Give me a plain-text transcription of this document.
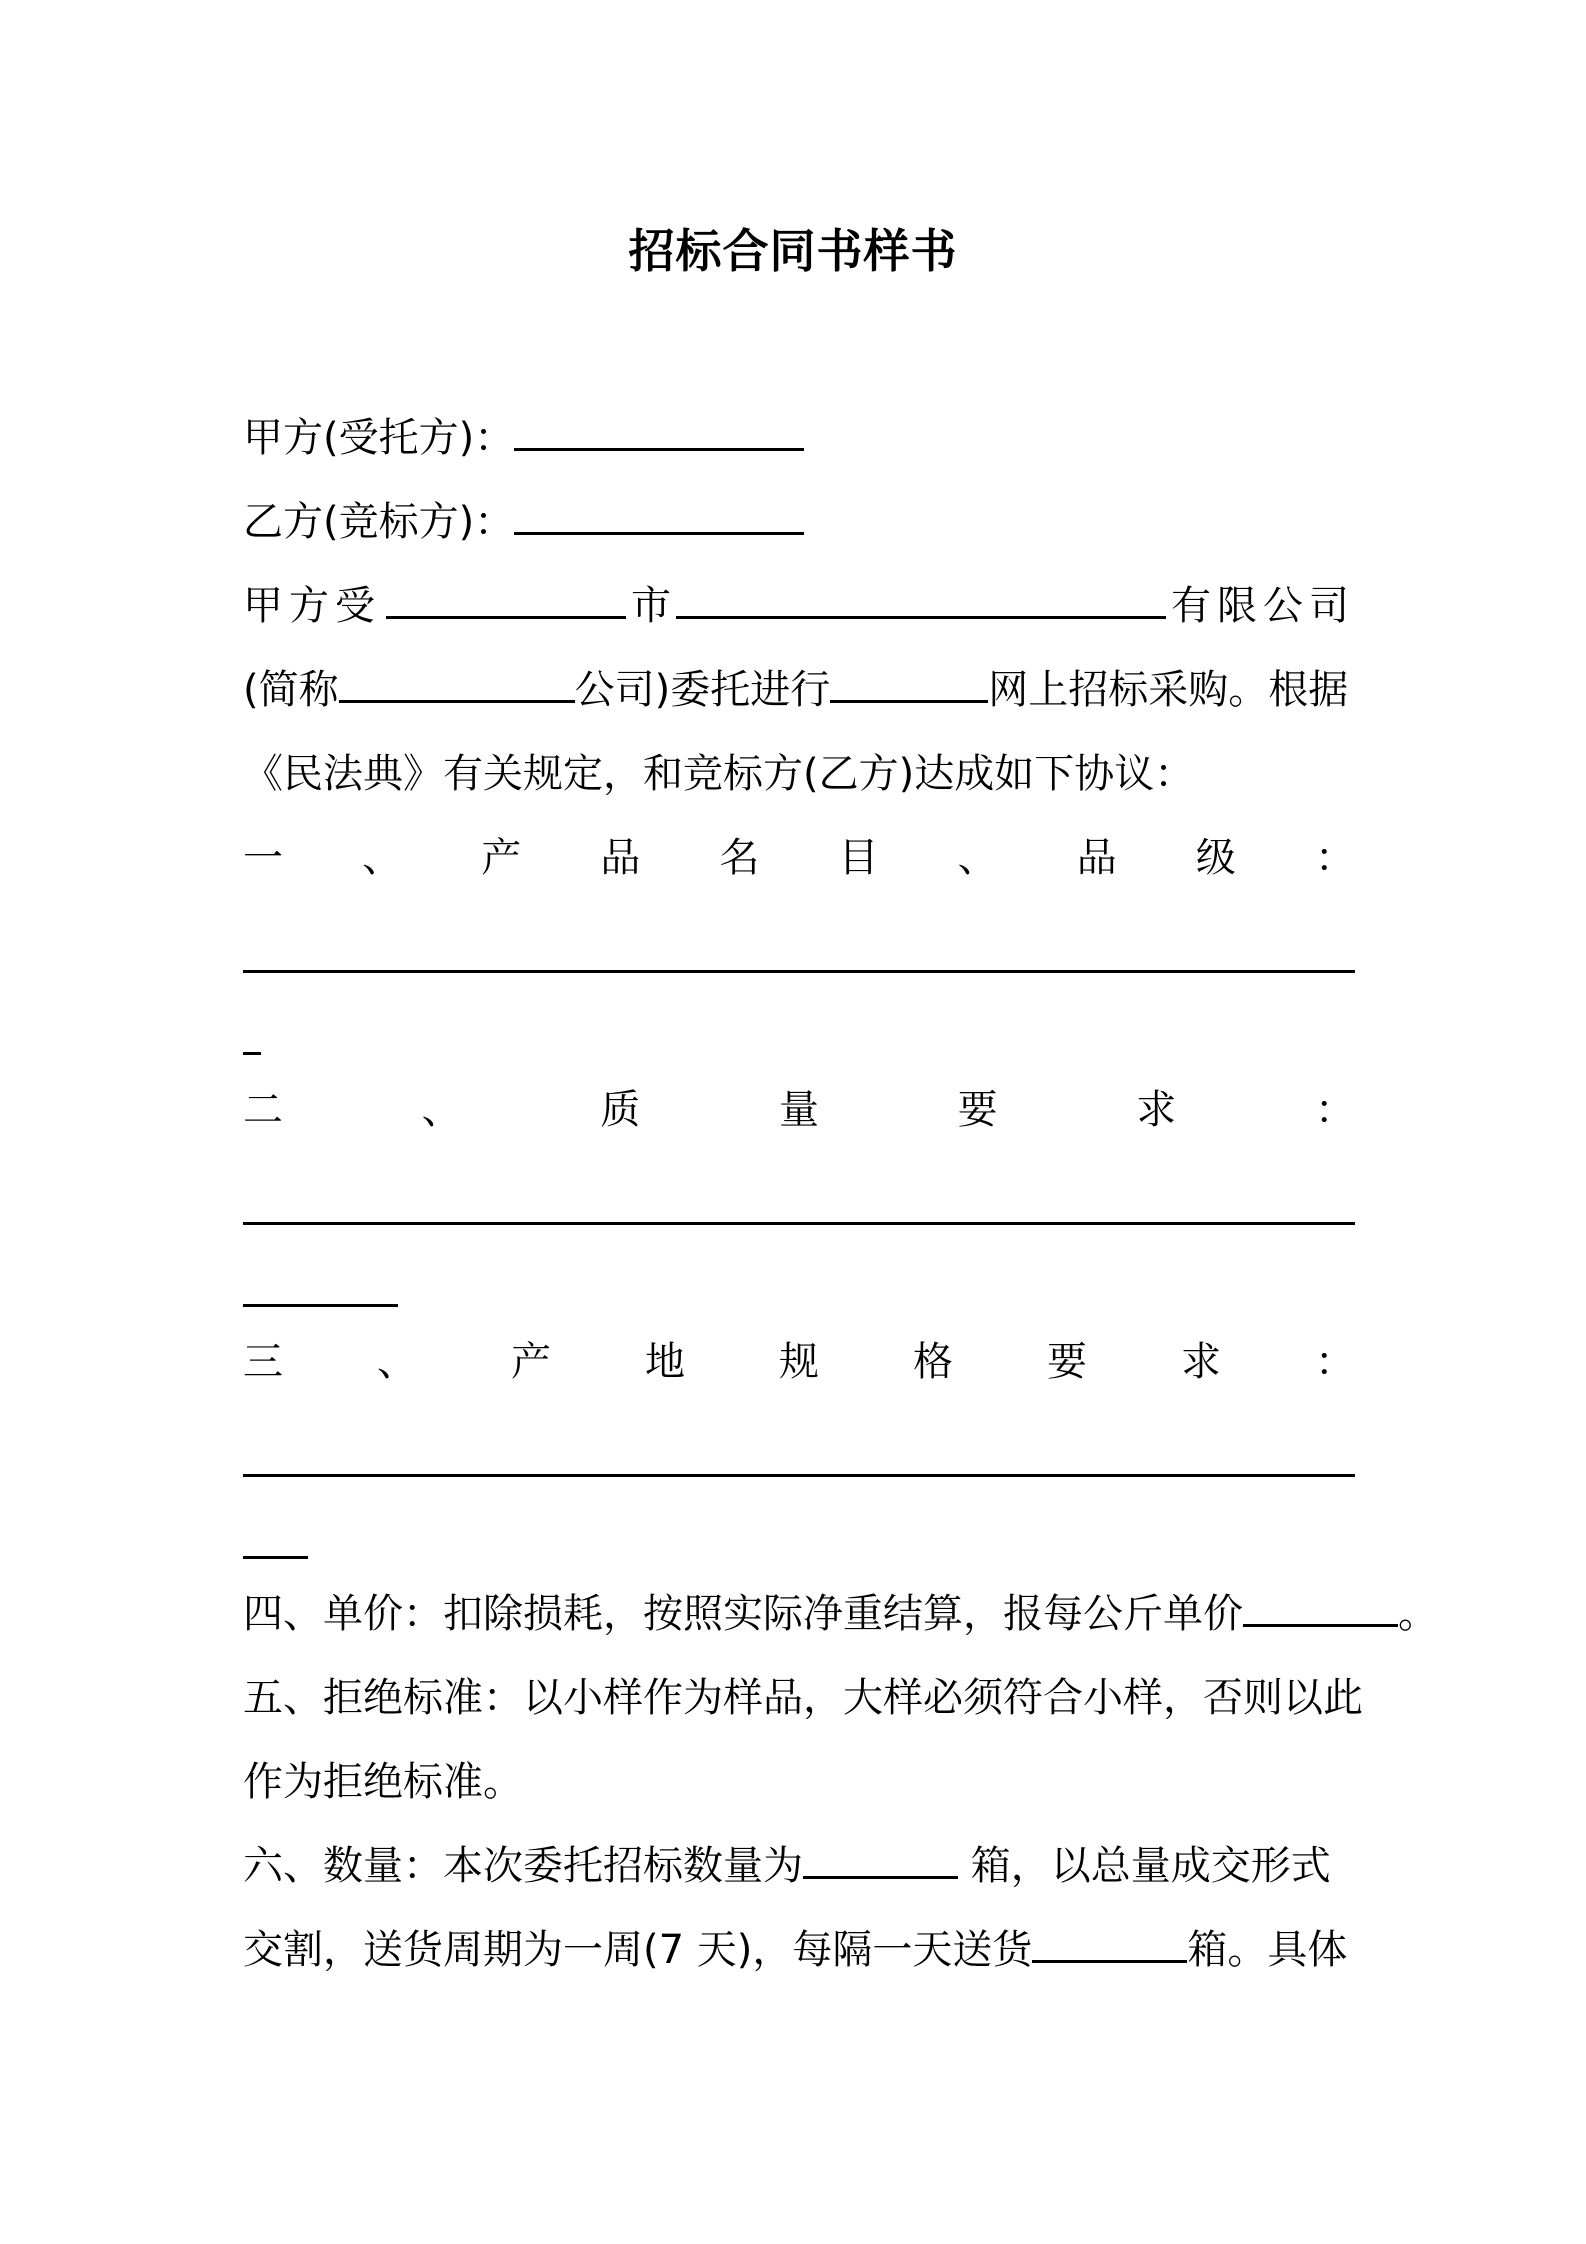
招标合同书样书
甲方(受托方)：
乙方(竞标方)：
甲方受	市	有限公司
(简称	公司)委托进行	网上招标采购。根据
《民法典》有关规定，和竞标方(乙方)达成如下协议：
一 、 产 品 名 目 、 品 级 ：
二	、	质	量	要	求	：
三 、 产 地 规 格 要 求 ：
四、单价：扣除损耗，按照实际净重结算，报每公斤单价	。
五、拒绝标准：以小样作为样品，大样必须符合小样，否则以此
作为拒绝标准。
六、数量：本次委托招标数量为	箱，以总量成交形式
交割，送货周期为一周(7 天)，每隔一天送货	箱。具体
